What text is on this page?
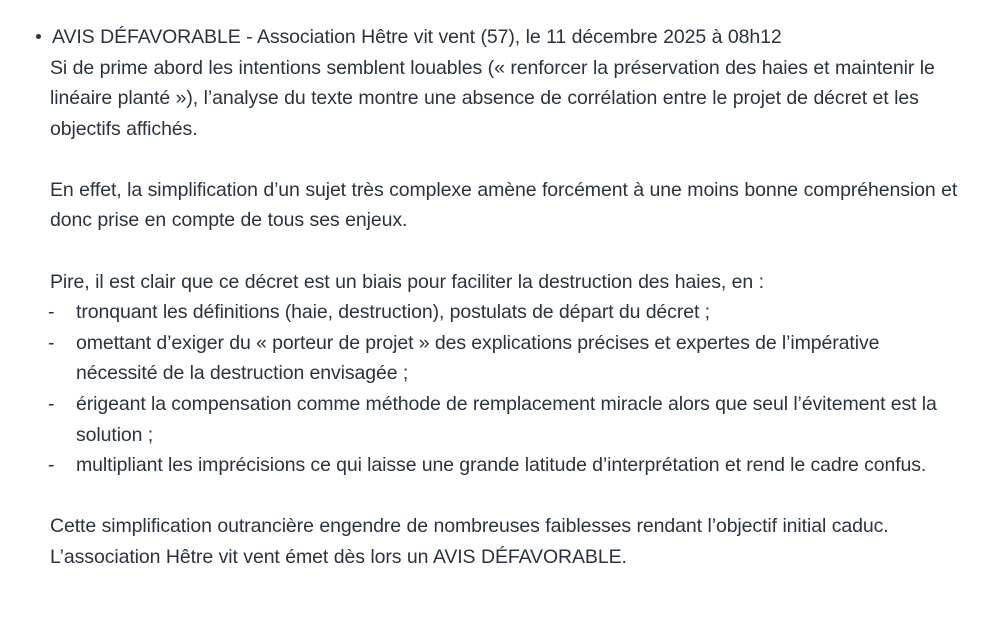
AVIS DÉFAVORABLE - Association Hêtre vit vent (57), le 11 décembre 2025 à 08h12
Si de prime abord les intentions semblent louables (« renforcer la préservation des haies et maintenir le linéaire planté »), l’analyse du texte montre une absence de corrélation entre le projet de décret et les objectifs affichés.
En effet, la simplification d’un sujet très complexe amène forcément à une moins bonne compréhension et donc prise en compte de tous ses enjeux.
Pire, il est clair que ce décret est un biais pour faciliter la destruction des haies, en :
- tronquant les définitions (haie, destruction), postulats de départ du décret ;
- omettant d’exiger du « porteur de projet » des explications précises et expertes de l’impérative nécessité de la destruction envisagée ;
- érigeant la compensation comme méthode de remplacement miracle alors que seul l’évitement est la solution ;
- multipliant les imprécisions ce qui laisse une grande latitude d’interprétation et rend le cadre confus.
Cette simplification outrancière engendre de nombreuses faiblesses rendant l’objectif initial caduc. L’association Hêtre vit vent émet dès lors un AVIS DÉFAVORABLE.
